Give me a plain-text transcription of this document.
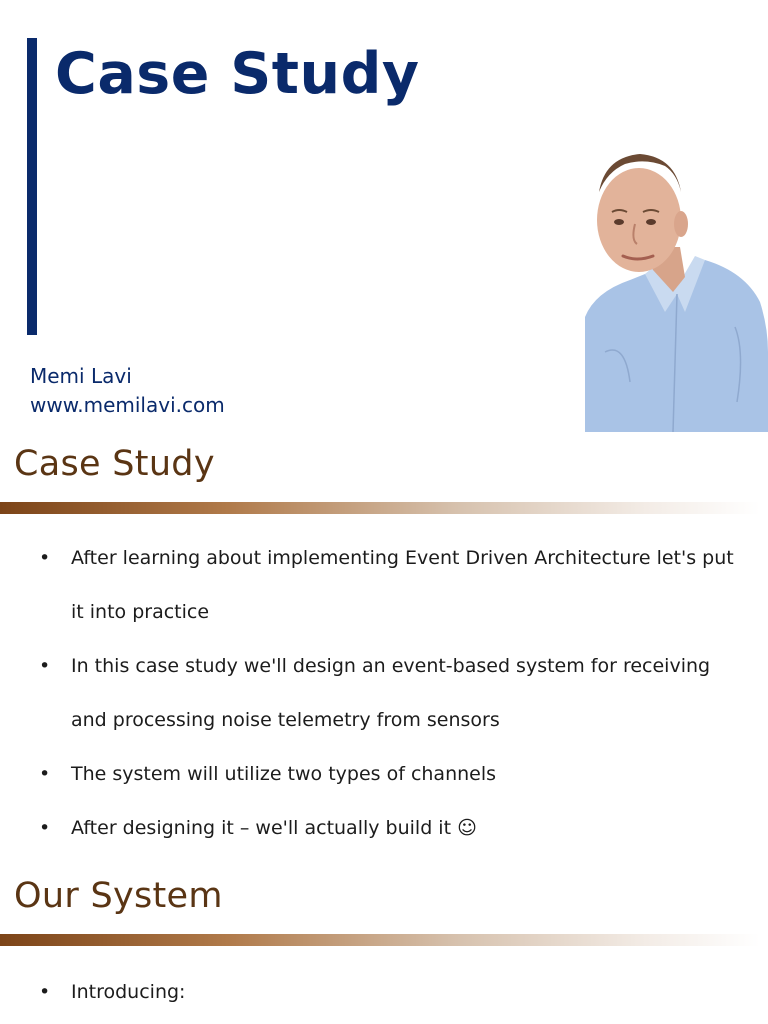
Case Study
Memi Lavi
www.memilavi.com
Case Study
• After learning about implementing Event Driven Architecture let's put it into practice
• In this case study we'll design an event-based system for receiving and processing noise telemetry from sensors
• The system will utilize two types of channels
• After designing it – we'll actually build it ☺
Our System
• Introducing:
